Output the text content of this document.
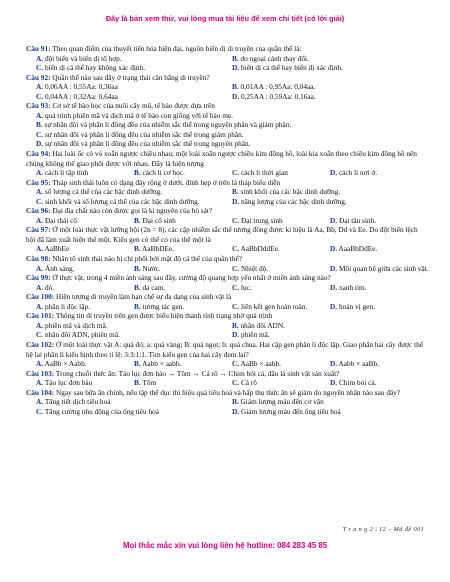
Đây là bản xem thử, vui lòng mua tài liệu để xem chi tiết (có lời giải)
Câu 91: Theo quan điểm của thuyết tiến hóa hiện đại, nguồn biến dị di truyền của quần thể là:
A. đột biến và biến dị tổ hợp.	B. do ngoại cảnh thay đổi.
C. biến dị cá thể hay không xác định.	D. biến dị cá thể hay biến dị xác định.
Câu 92: Quần thể nào sau đây ở trạng thái cân bằng di truyền?
A. 0,06AA : 0,55Aa: 0,36aa	B. 0,01AA : 0,95Aa: 0,04aa.
C. 0,04AA : 0,32Aa: 0,64aa	D. 0,25AA : 0,59Aa: 0,16aa.
Câu 93: Cơ sở tế bào học của nuôi cấy mô, tế bào được dựa trên
A. quá trình phiên mã và dịch mã ở tế bào con giống với tế bào mẹ.
B. sự nhân đôi và phân li đồng đều của nhiễm sắc thể trong nguyên phân và giảm phân.
C. sự nhân đôi và phân li đồng đều của nhiễm sắc thể trong giảm phân.
D. sự nhân đôi và phân li đồng đều của nhiễm sắc thể trong nguyên phân.
Câu 94: Hai loài ốc có vỏ xoắn ngược chiều nhau; một loài xoắn ngược chiều kim đồng hồ, loài kia xoắn theo chiều kim đồng hồ nên chúng không thể giao phối được với nhau. Đây là hiện tượng
A. cách li tập tính	B. cách li cơ học.	C. cách li thời gian	D. cách li nơi ở.
Câu 95: Tháp sinh thái luôn có dạng đáy rộng ở dưới, đỉnh hẹp ở trên là tháp biểu diễn
A. số lượng cá thể của các bậc dinh dưỡng.	B. sinh khối của các bậc dinh dưỡng.
C. sinh khối và số lượng cá thể của các bậc dinh dưỡng.	D. năng lượng của các bậc dinh dưỡng.
Câu 96: Đại địa chất nào còn được gọi là kỉ nguyên của bò sát?
A. Đại thái cổ	B. Đại cổ sinh	C. Đại trung sinh	D. Đại tân sinh.
Câu 97: Ở một loài thực vật lưỡng bội (2n = 8), các cặp nhiễm sắc thể tương đồng được kí hiệu là Aa, Bb, Dd và Ee. Do đột biến lệch bội đã làm xuất hiện thể một. Kiểu gen có thể có của thể một là
A. AaBbEe	B. AaBbDEe.	C. AaBbDddEe.	D. AaaBbDdEe.
Câu 98: Nhân tố sinh thái nào bị chi phối bởi mật độ cá thể của quần thể?
A. Ánh sáng.	B. Nước.	C. Nhiệt độ.	D. Mối quan hệ giữa các sinh vật.
Câu 99: Ở thực vật, trong 4 miền ánh sáng sau đây, cường độ quang hợp yếu nhất ở miền ánh sáng nào?
A. đỏ.	B. da cam.	C. lục.	D. xanh tím.
Câu 100: Hiện tượng di truyền làm hạn chế sự đa dạng của sinh vật là
A. phân li độc lập.	B. tương tác gen.	C. liên kết gen hoàn toàn.	D. hoán vị gen.
Câu 101: Thông tin di truyền trên gen được biểu hiện thành tính trạng nhờ quá trình
A. phiên mã và dịch mã.	B. nhân đôi ADN.
C. nhân đôi ADN, phiên mã.	D. phiên mã.
Câu 102: Ở một loài thực vật A: quả đỏ; a: quả vàng; B: quả ngọt; b: quả chua. Hai cặp gen phân li độc lập. Giao phấn hai cây được thế hệ lai phân li kiểu hình theo tỉ lệ: 3:3:1:1. Tìm kiểu gen của hai cây đem lai?
A. AaBb × Aabb.	B. Aabb × aabb.	C. AaBb × aabb.	D. Aabb × aaBb.
Câu 103: Trong chuỗi thức ăn: Tảo lục đơn bào → Tôm → Cá rô → Chim bói cá, đâu là sinh vật sản xuất?
A. Tảo lục đơn bào	B. Tôm	C. Cá rô	D. Chim bói cá.
Câu 104: Ngay sau bữa ăn chính, nếu tập thể dục thì hiệu quả tiêu hoá và hấp thụ thức ăn sẽ giảm do nguyên nhân nào sau đây?
A. Tăng tiết dịch tiêu hoá	B. Giảm lượng máu đến cơ vân
C. Tăng cường nhu động của ống tiêu hoá	D. Giảm lượng máu đến ống tiêu hoá
T r a n g 2 | 12 – Mã đề 001
Mọi thắc mắc xin vui lòng liên hệ hotline: 084 283 45 85
